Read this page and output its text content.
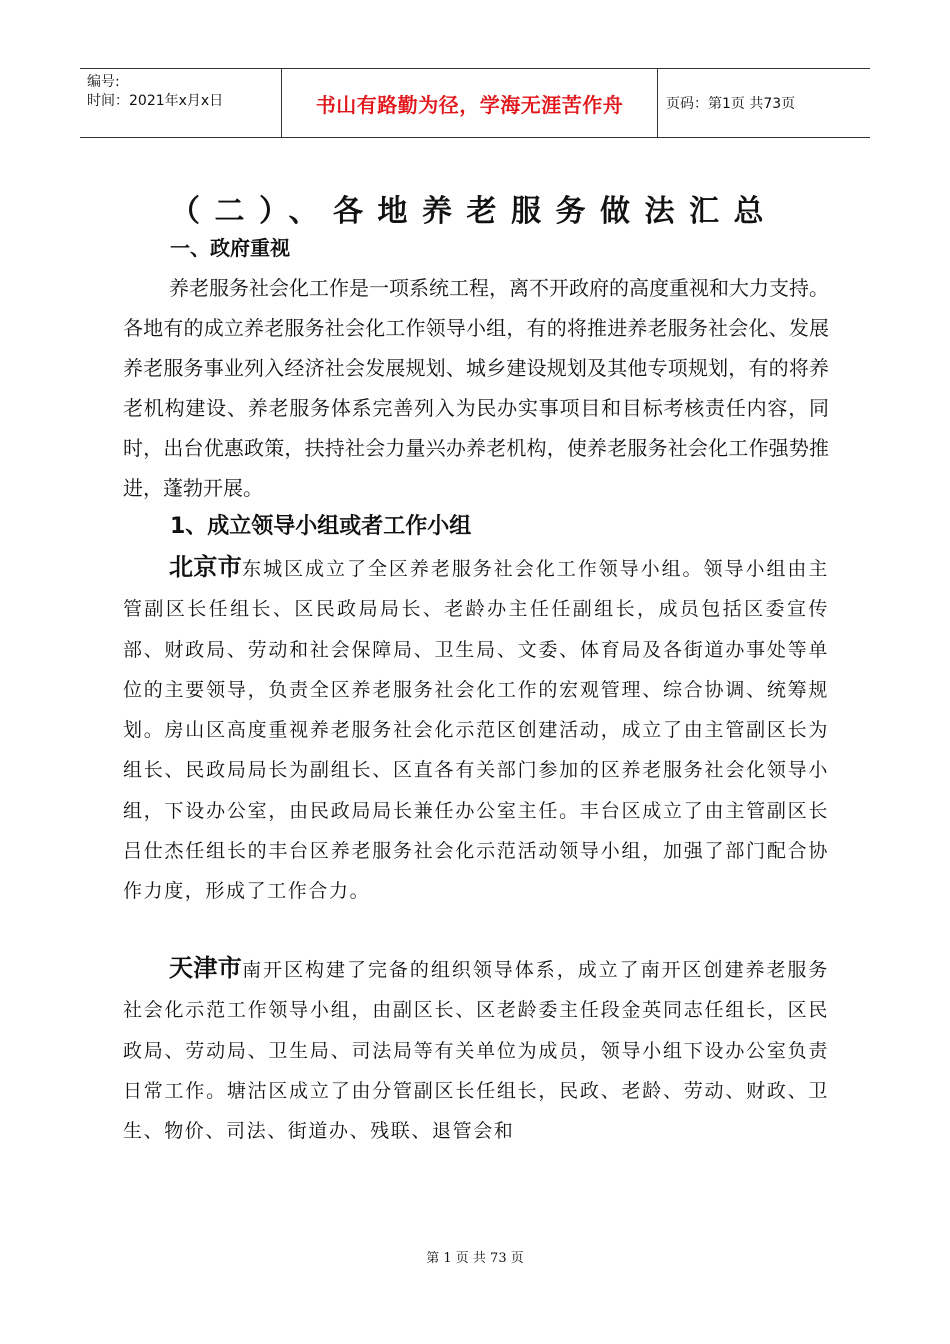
编号:
时间：2021年x月x日	书山有路勤为径，学海无涯苦作舟	页码：第1页 共73页
（二）、各地养老服务做法汇总
一、政府重视

养老服务社会化工作是一项系统工程，离不开政府的高度重视和大力支持。各地有的成立养老服务社会化工作领导小组，有的将推进养老服务社会化、发展养老服务事业列入经济社会发展规划、城乡建设规划及其他专项规划，有的将养老机构建设、养老服务体系完善列入为民办实事项目和目标考核责任内容，同时，出台优惠政策，扶持社会力量兴办养老机构，使养老服务社会化工作强势推进，蓬勃开展。

1、成立领导小组或者工作小组

北京市东城区成立了全区养老服务社会化工作领导小组。领导小组由主管副区长任组长、区民政局局长、老龄办主任任副组长，成员包括区委宣传部、财政局、劳动和社会保障局、卫生局、文委、体育局及各街道办事处等单位的主要领导，负责全区养老服务社会化工作的宏观管理、综合协调、统筹规划。房山区高度重视养老服务社会化示范区创建活动，成立了由主管副区长为组长、民政局局长为副组长、区直各有关部门参加的区养老服务社会化领导小组，下设办公室，由民政局局长兼任办公室主任。丰台区成立了由主管副区长吕仕杰任组长的丰台区养老服务社会化示范活动领导小组，加强了部门配合协作力度，形成了工作合力。

天津市南开区构建了完备的组织领导体系，成立了南开区创建养老服务社会化示范工作领导小组，由副区长、区老龄委主任段金英同志任组长，区民政局、劳动局、卫生局、司法局等有关单位为成员，领导小组下设办公室负责日常工作。塘沽区成立了由分管副区长任组长，民政、老龄、劳动、财政、卫生、物价、司法、街道办、残联、退管会和

第 1 页 共 73 页
